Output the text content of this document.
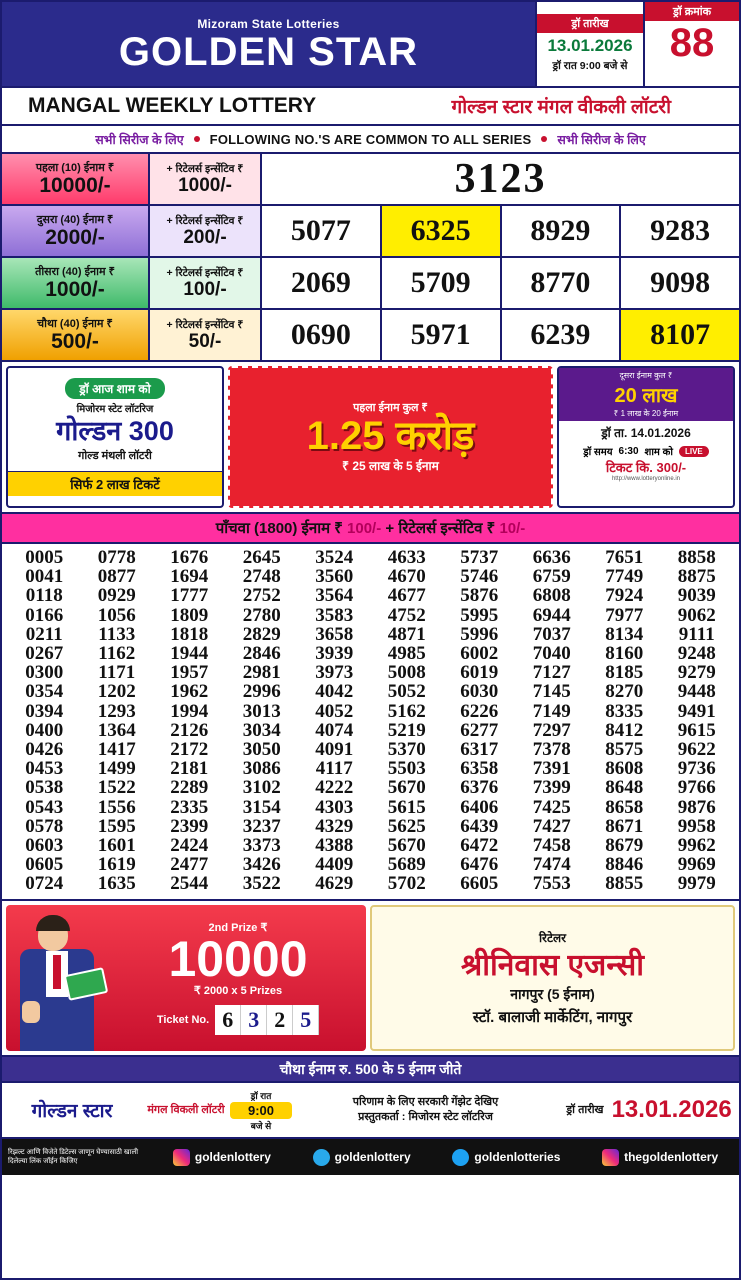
Mizoram State Lotteries
GOLDEN STAR
ड्रॉ तारीख
13.01.2026
ड्रॉ रात 9:00 बजे से
ड्रॉ क्रमांक
88
MANGAL WEEKLY LOTTERY	गोल्डन स्टार मंगल वीकली लॉटरी
सभी सिरीज के लिए FOLLOWING NO.'S ARE COMMON TO ALL SERIES सभी सिरीज के लिए
पहला (10) ईनाम ₹
10000/-
+ रिटेलर्स इन्सेंटिव ₹
1000/-	3123
दुसरा (40) ईनाम ₹
2000/-
+ रिटेलर्स इन्सेंटिव ₹
200/-	5077	6325	8929	9283
तीसरा (40) ईनाम ₹
1000/-
+ रिटेलर्स इन्सेंटिव ₹
100/-	2069	5709	8770	9098
चौथा (40) ईनाम ₹
500/-
+ रिटेलर्स इन्सेंटिव ₹
50/-	0690	5971	6239	8107
ड्रॉ आज शाम को
मिजोरम स्टेट लॉटरिज
गोल्डन 300
गोल्ड मंथली लॉटरी
सिर्फ 2 लाख टिकटें
पहला ईनाम कुल ₹
1.25 करोड़
₹ 25 लाख के 5 ईनाम
दूसरा ईनाम कुल ₹
20 लाख
₹ 1 लाख के 20 ईनाम
ड्रॉ ता. 14.01.2026
ड्रॉ समय 6:30 शाम को	LIVE
टिकट कि. 300/-
http://www.lotteryonline.in
पाँचवा (1800) ईनाम ₹
100/-
+ रिटेलर्स इन्सेंटिव ₹
10/-
0005	0778	1676	2645	3524	4633	5737	6636	7651	8858
0041	0877	1694	2748	3560	4670	5746	6759	7749	8875
0118	0929	1777	2752	3564	4677	5876	6808	7924	9039
0166	1056	1809	2780	3583	4752	5995	6944	7977	9062
0211	1133	1818	2829	3658	4871	5996	7037	8134	9111
0267	1162	1944	2846	3939	4985	6002	7040	8160	9248
0300	1171	1957	2981	3973	5008	6019	7127	8185	9279
0354	1202	1962	2996	4042	5052	6030	7145	8270	9448
0394	1293	1994	3013	4052	5162	6226	7149	8335	9491
0400	1364	2126	3034	4074	5219	6277	7297	8412	9615
0426	1417	2172	3050	4091	5370	6317	7378	8575	9622
0453	1499	2181	3086	4117	5503	6358	7391	8608	9736
0538	1522	2289	3102	4222	5670	6376	7399	8648	9766
0543	1556	2335	3154	4303	5615	6406	7425	8658	9876
0578	1595	2399	3237	4329	5625	6439	7427	8671	9958
0603	1601	2424	3373	4388	5670	6472	7458	8679	9962
0605	1619	2477	3426	4409	5689	6476	7474	8846	9969
0724	1635	2544	3522	4629	5702	6605	7553	8855	9979
2nd Prize ₹
10000
₹ 2000 x 5 Prizes
Ticket No. 6 3 2 5
रिटेलर
श्रीनिवास एजन्सी
नागपुर (5 ईनाम)
स्टॉ. बालाजी मार्केटिंग, नागपुर
चौथा ईनाम रु. 500 के 5 ईनाम जीते
गोल्डन स्टार	मंगल विकली लॉटरी
ड्रॉ रात
9:00
बजे से
परिणाम के लिए सरकारी गेंझेट देखिए
प्रस्तुतकर्ता : मिजोरम स्टेट लॉटरिज
ड्रॉ तारीख 13.01.2026
रिझल्ट आणि विजेते डिटेल्स जाणून घेण्यासाठी खाली दिलेल्या लिंक जॉईन किजिए	goldenlottery	goldenlottery	goldenlotteries	thegoldenlottery
